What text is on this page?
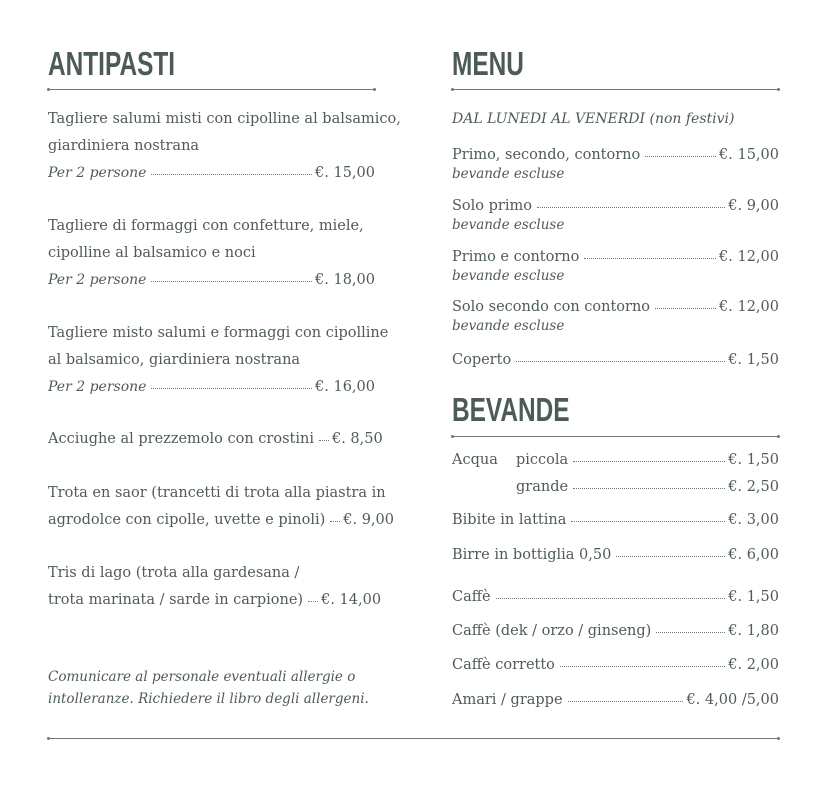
ANTIPASTI
Tagliere salumi misti con cipolline al balsamico,
giardiniera nostrana
Per 2 persone	€. 15,00
Tagliere di formaggi con confetture, miele,
cipolline al balsamico e noci
Per 2 persone	€. 18,00
Tagliere misto salumi e formaggi con cipolline
al balsamico, giardiniera nostrana
Per 2 persone	€. 16,00
Acciughe al prezzemolo con crostini €. 8,50
Trota en saor (trancetti di trota alla piastra in
agrodolce con cipolle, uvette e pinoli) €. 9,00
Tris di lago (trota alla gardesana /
trota marinata / sarde in carpione) €. 14,00
Comunicare al personale eventuali allergie o
intolleranze. Richiedere il libro degli allergeni.
MENU
DAL LUNEDI AL VENERDI (non festivi)
Primo, secondo, contorno	€. 15,00
bevande escluse
Solo primo	€. 9,00
bevande escluse
Primo e contorno	€. 12,00
bevande escluse
Solo secondo con contorno	€. 12,00
bevande escluse
Coperto	€. 1,50
BEVANDE
Acqua piccola	€. 1,50
grande	€. 2,50
Bibite in lattina	€. 3,00
Birre in bottiglia 0,50	€. 6,00
Caffè	€. 1,50
Caffè (dek / orzo / ginseng)	€. 1,80
Caffè corretto	€. 2,00
Amari / grappe	€. 4,00 /5,00
